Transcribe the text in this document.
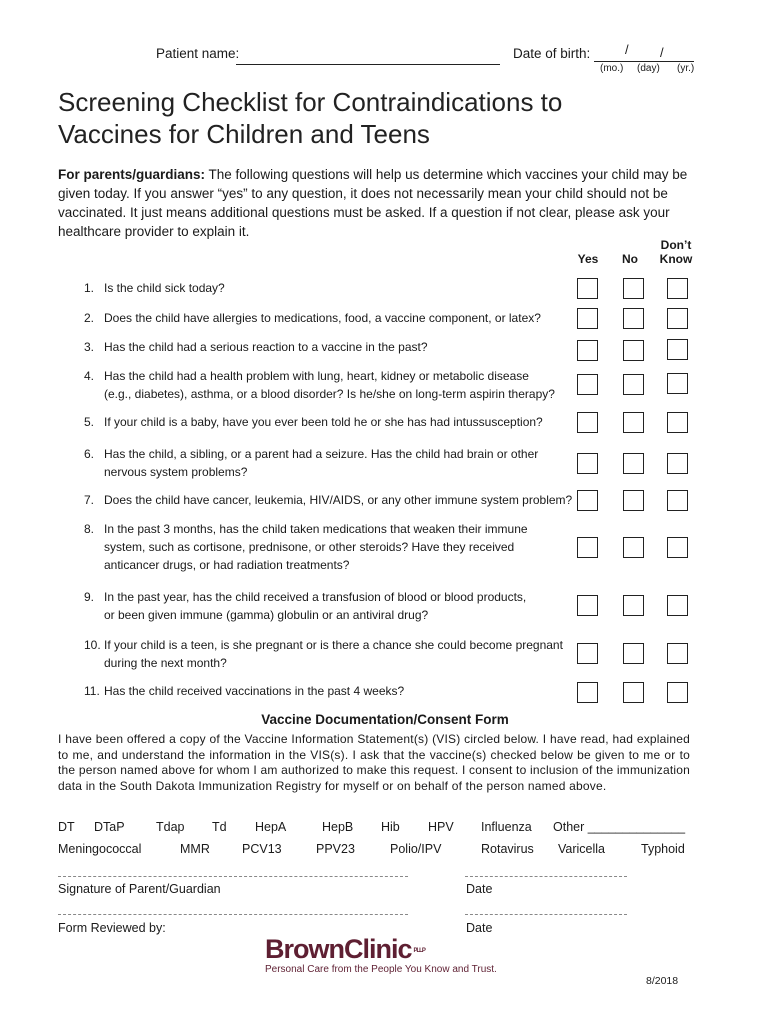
Patient name:	Date of birth:	/ /
(mo.) (day) (yr.)
Screening Checklist for Contraindications to
Vaccines for Children and Teens
For parents/guardians: The following questions will help us determine which vaccines your child may be given today. If you answer “yes” to any question, it does not necessarily mean your child should not be vaccinated. It just means additional questions must be asked. If a question if not clear, please ask your healthcare provider to explain it.
Yes	No
Don’t
Know
1. Is the child sick today?
2. Does the child have allergies to medications, food, a vaccine component, or latex?
3. Has the child had a serious reaction to a vaccine in the past?
4. Has the child had a health problem with lung, heart, kidney or metabolic disease
(e.g., diabetes), asthma, or a blood disorder? Is he/she on long-term aspirin therapy?
5. If your child is a baby, have you ever been told he or she has had intussusception?
6. Has the child, a sibling, or a parent had a seizure. Has the child had brain or other
nervous system problems?
7. Does the child have cancer, leukemia, HIV/AIDS, or any other immune system problem?
8. In the past 3 months, has the child taken medications that weaken their immune
system, such as cortisone, prednisone, or other steroids? Have they received
anticancer drugs, or had radiation treatments?
9. In the past year, has the child received a transfusion of blood or blood products,
or been given immune (gamma) globulin or an antiviral drug?
10. If your child is a teen, is she pregnant or is there a chance she could become pregnant
during the next month?
11. Has the child received vaccinations in the past 4 weeks?
Vaccine Documentation/Consent Form
I have been offered a copy of the Vaccine Information Statement(s) (VIS) circled below. I have read, had explained to me, and understand the information in the VIS(s). I ask that the vaccine(s) checked below be given to me or to the person named above for whom I am authorized to make this request. I consent to inclusion of the immunization data in the South Dakota Immunization Registry for myself or on behalf of the person named above.
DT DTaP	Tdap Td HepA	HepB Hib HPV Influenza Other ______________
Meningococcal	MMR	PCV13	PPV23	Polio/IPV	Rotavirus Varicella	Typhoid
Signature of Parent/Guardian	Date
Form Reviewed by:	Date
BrownClinic PLLP
Personal Care from the People You Know and Trust.
8/2018
